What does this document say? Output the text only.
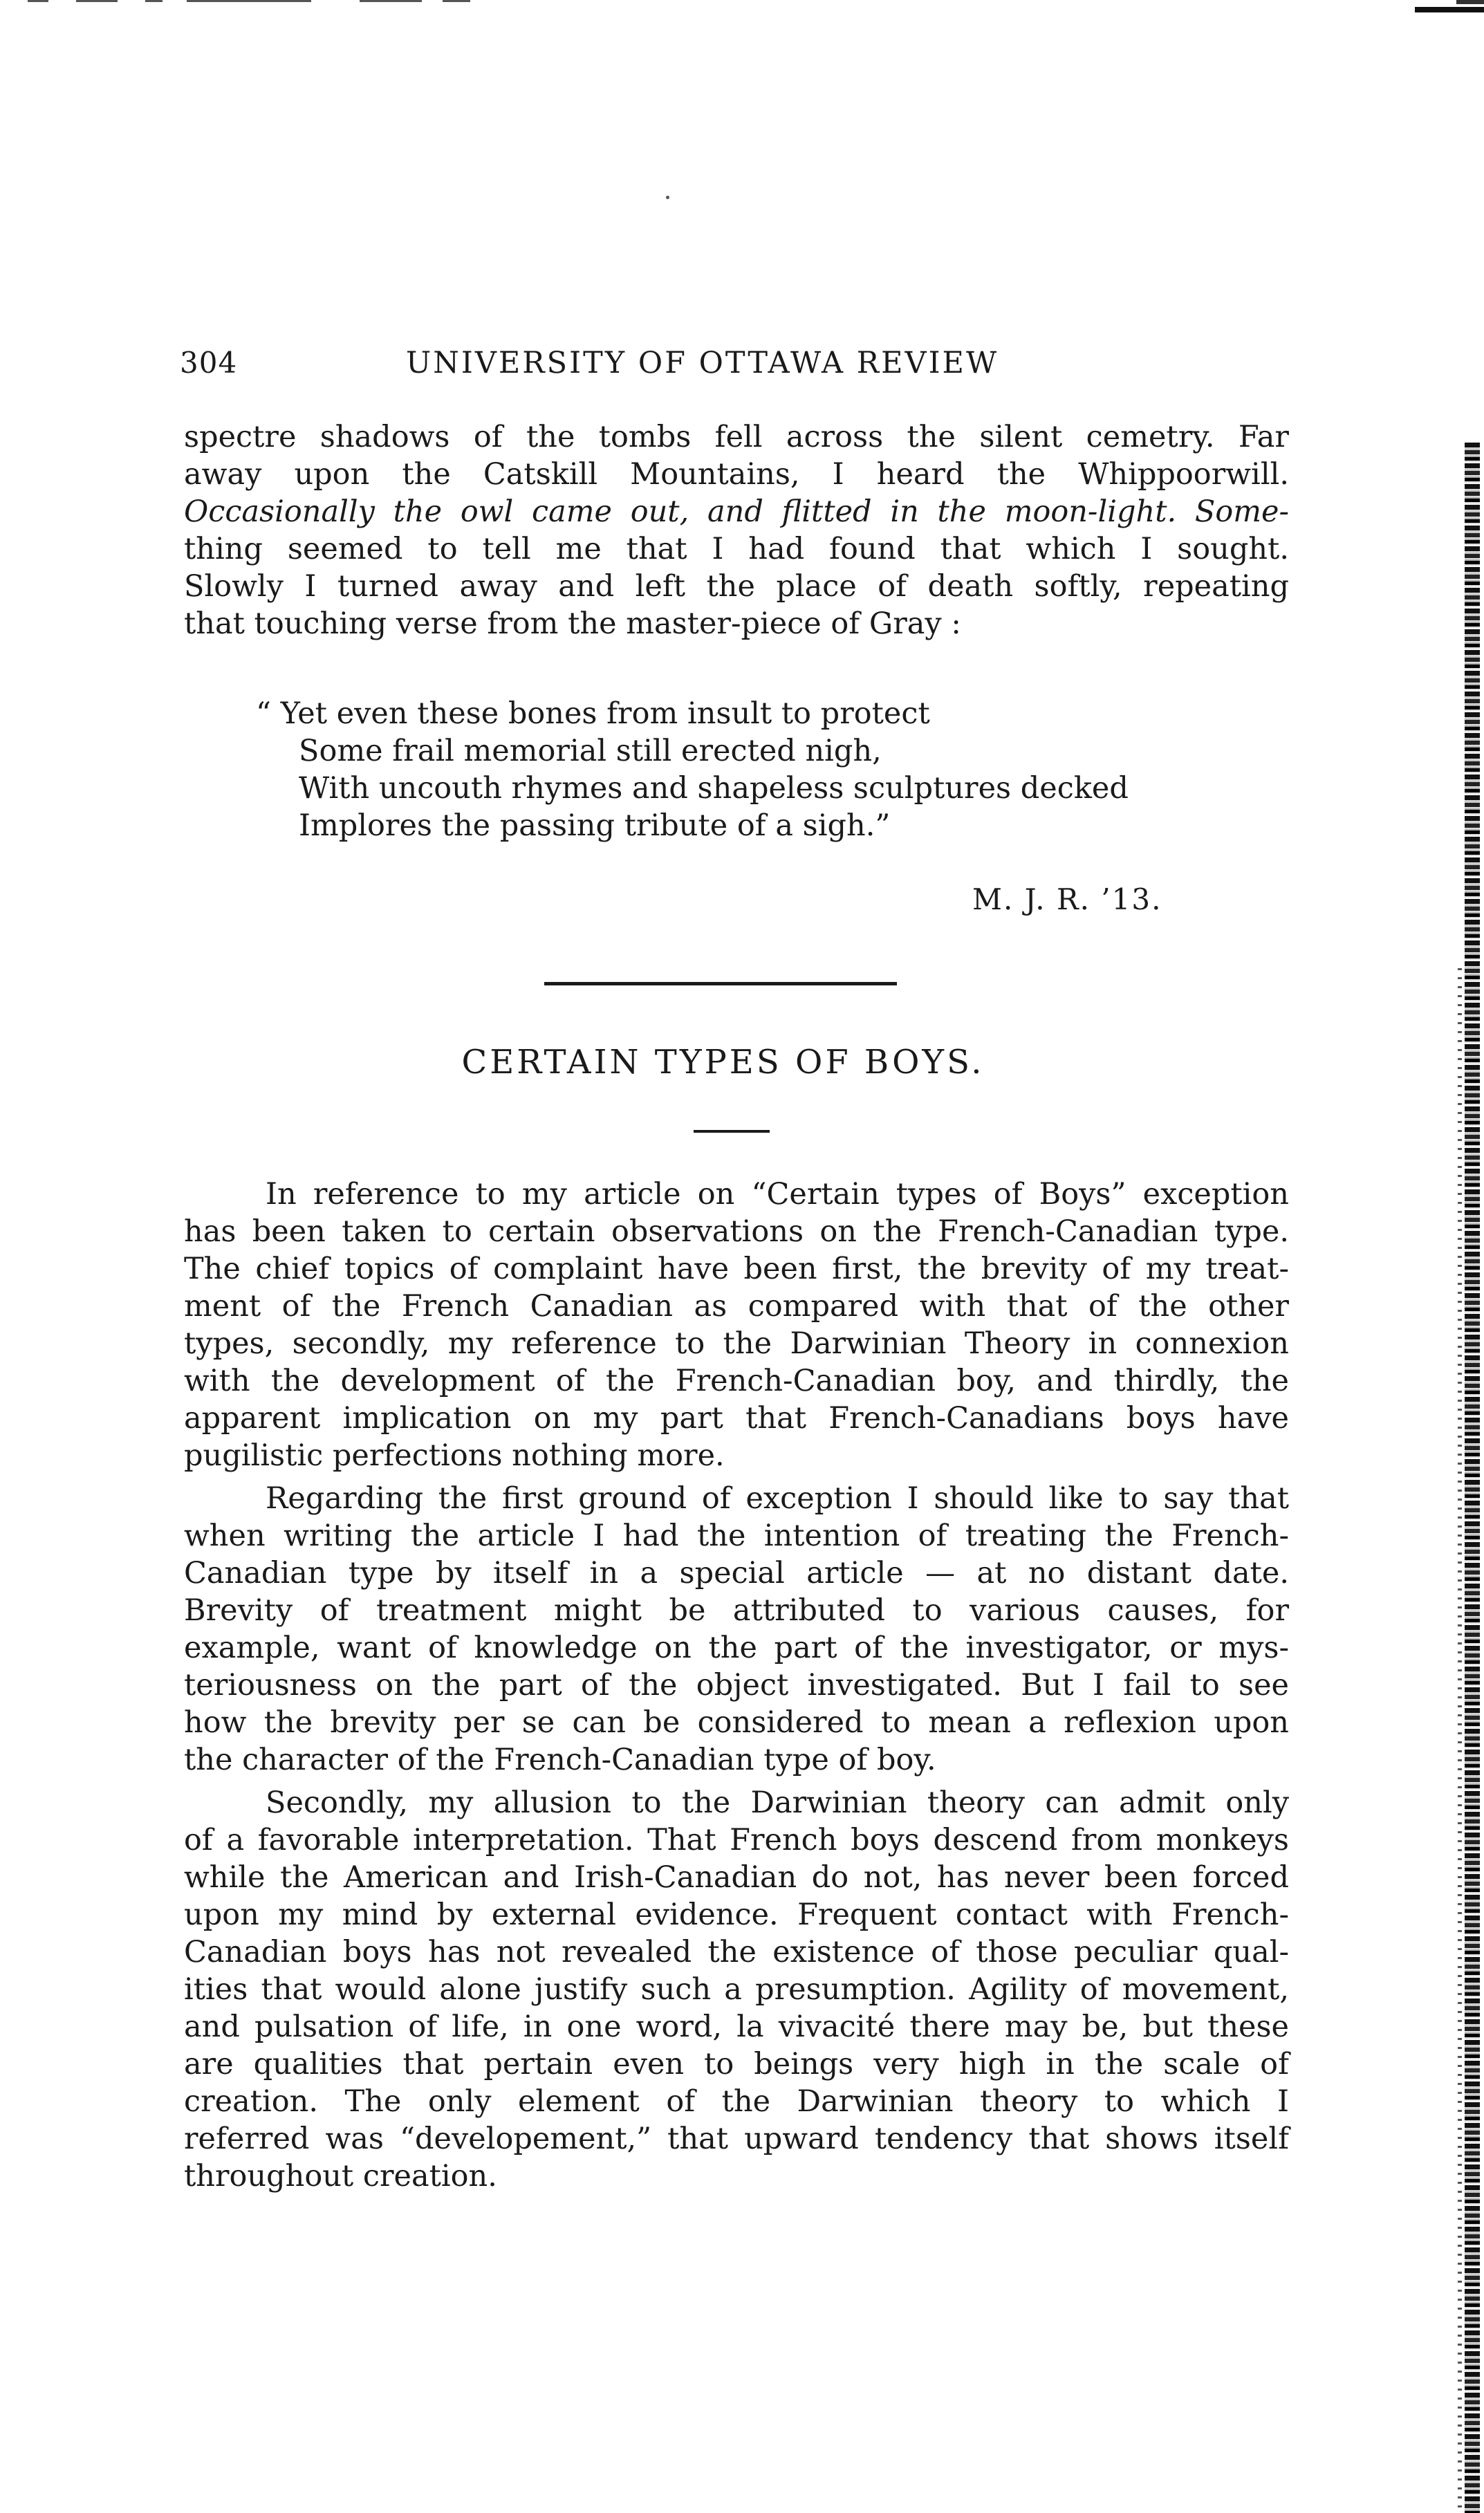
304	UNIVERSITY OF OTTAWA REVIEW
spectre shadows of the tombs fell across the silent cemetry. Far
away upon the Catskill Mountains, I heard the Whippoorwill.
Occasionally the owl came out, and flitted in the moon-light. Some-
thing seemed to tell me that I had found that which I sought.
Slowly I turned away and left the place of death softly, repeating
that touching verse from the master-piece of Gray :
“ Yet even these bones from insult to protect
Some frail memorial still erected nigh,
With uncouth rhymes and shapeless sculptures decked
Implores the passing tribute of a sigh.”
M. J. R. ’13.
CERTAIN TYPES OF BOYS.
In reference to my article on “Certain types of Boys” exception
has been taken to certain observations on the French-Canadian type.
The chief topics of complaint have been first, the brevity of my treat-
ment of the French Canadian as compared with that of the other
types, secondly, my reference to the Darwinian Theory in connexion
with the development of the French-Canadian boy, and thirdly, the
apparent implication on my part that French-Canadians boys have
pugilistic perfections nothing more.
Regarding the first ground of exception I should like to say that
when writing the article I had the intention of treating the French-
Canadian type by itself in a special article — at no distant date.
Brevity of treatment might be attributed to various causes, for
example, want of knowledge on the part of the investigator, or mys-
teriousness on the part of the object investigated. But I fail to see
how the brevity per se can be considered to mean a reflexion upon
the character of the French-Canadian type of boy.
Secondly, my allusion to the Darwinian theory can admit only
of a favorable interpretation. That French boys descend from monkeys
while the American and Irish-Canadian do not, has never been forced
upon my mind by external evidence. Frequent contact with French-
Canadian boys has not revealed the existence of those peculiar qual-
ities that would alone justify such a presumption. Agility of movement,
and pulsation of life, in one word, la vivacité there may be, but these
are qualities that pertain even to beings very high in the scale of
creation. The only element of the Darwinian theory to which I
referred was “developement,” that upward tendency that shows itself
throughout creation.
